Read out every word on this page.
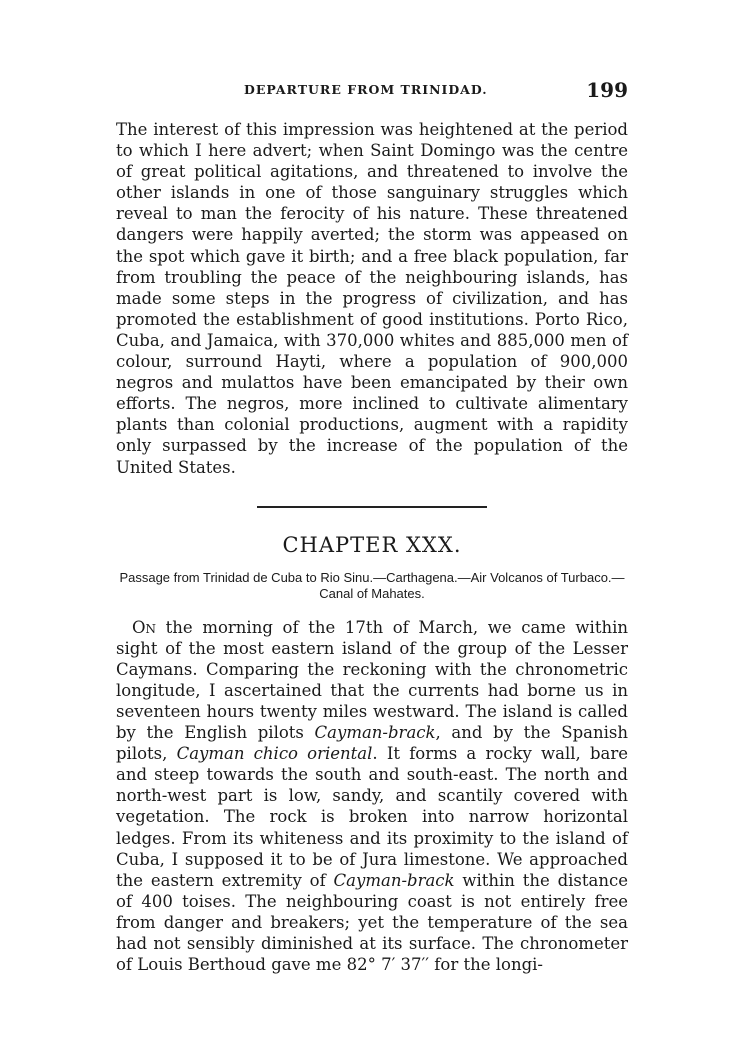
DEPARTURE FROM TRINIDAD.	199

The interest of this impression was heightened at the period to which I here advert; when Saint Domingo was the centre of great political agitations, and threatened to involve the other islands in one of those sanguinary struggles which reveal to man the ferocity of his nature. These threatened dangers were happily averted; the storm was appeased on the spot which gave it birth; and a free black population, far from troubling the peace of the neighbouring islands, has made some steps in the progress of civilization, and has promoted the establishment of good institutions. Porto Rico, Cuba, and Jamaica, with 370,000 whites and 885,000 men of colour, surround Hayti, where a population of 900,000 negros and mulattos have been emancipated by their own efforts. The negros, more inclined to cultivate alimentary plants than colonial productions, augment with a rapidity only surpassed by the increase of the population of the United States.

CHAPTER XXX.

Passage from Trinidad de Cuba to Rio Sinu.—Carthagena.—Air Volcanos of Turbaco.—Canal of Mahates.

On the morning of the 17th of March, we came within sight of the most eastern island of the group of the Lesser Caymans. Comparing the reckoning with the chronometric longitude, I ascertained that the currents had borne us in seventeen hours twenty miles westward. The island is called by the English pilots Cayman-brack, and by the Spanish pilots, Cayman chico oriental. It forms a rocky wall, bare and steep towards the south and south-east. The north and north-west part is low, sandy, and scantily covered with vegetation. The rock is broken into narrow horizontal ledges. From its whiteness and its proximity to the island of Cuba, I supposed it to be of Jura limestone. We approached the eastern extremity of Cayman-brack within the distance of 400 toises. The neighbouring coast is not entirely free from danger and breakers; yet the temperature of the sea had not sensibly diminished at its surface. The chronometer of Louis Berthoud gave me 82° 7′ 37′′ for the longi-
